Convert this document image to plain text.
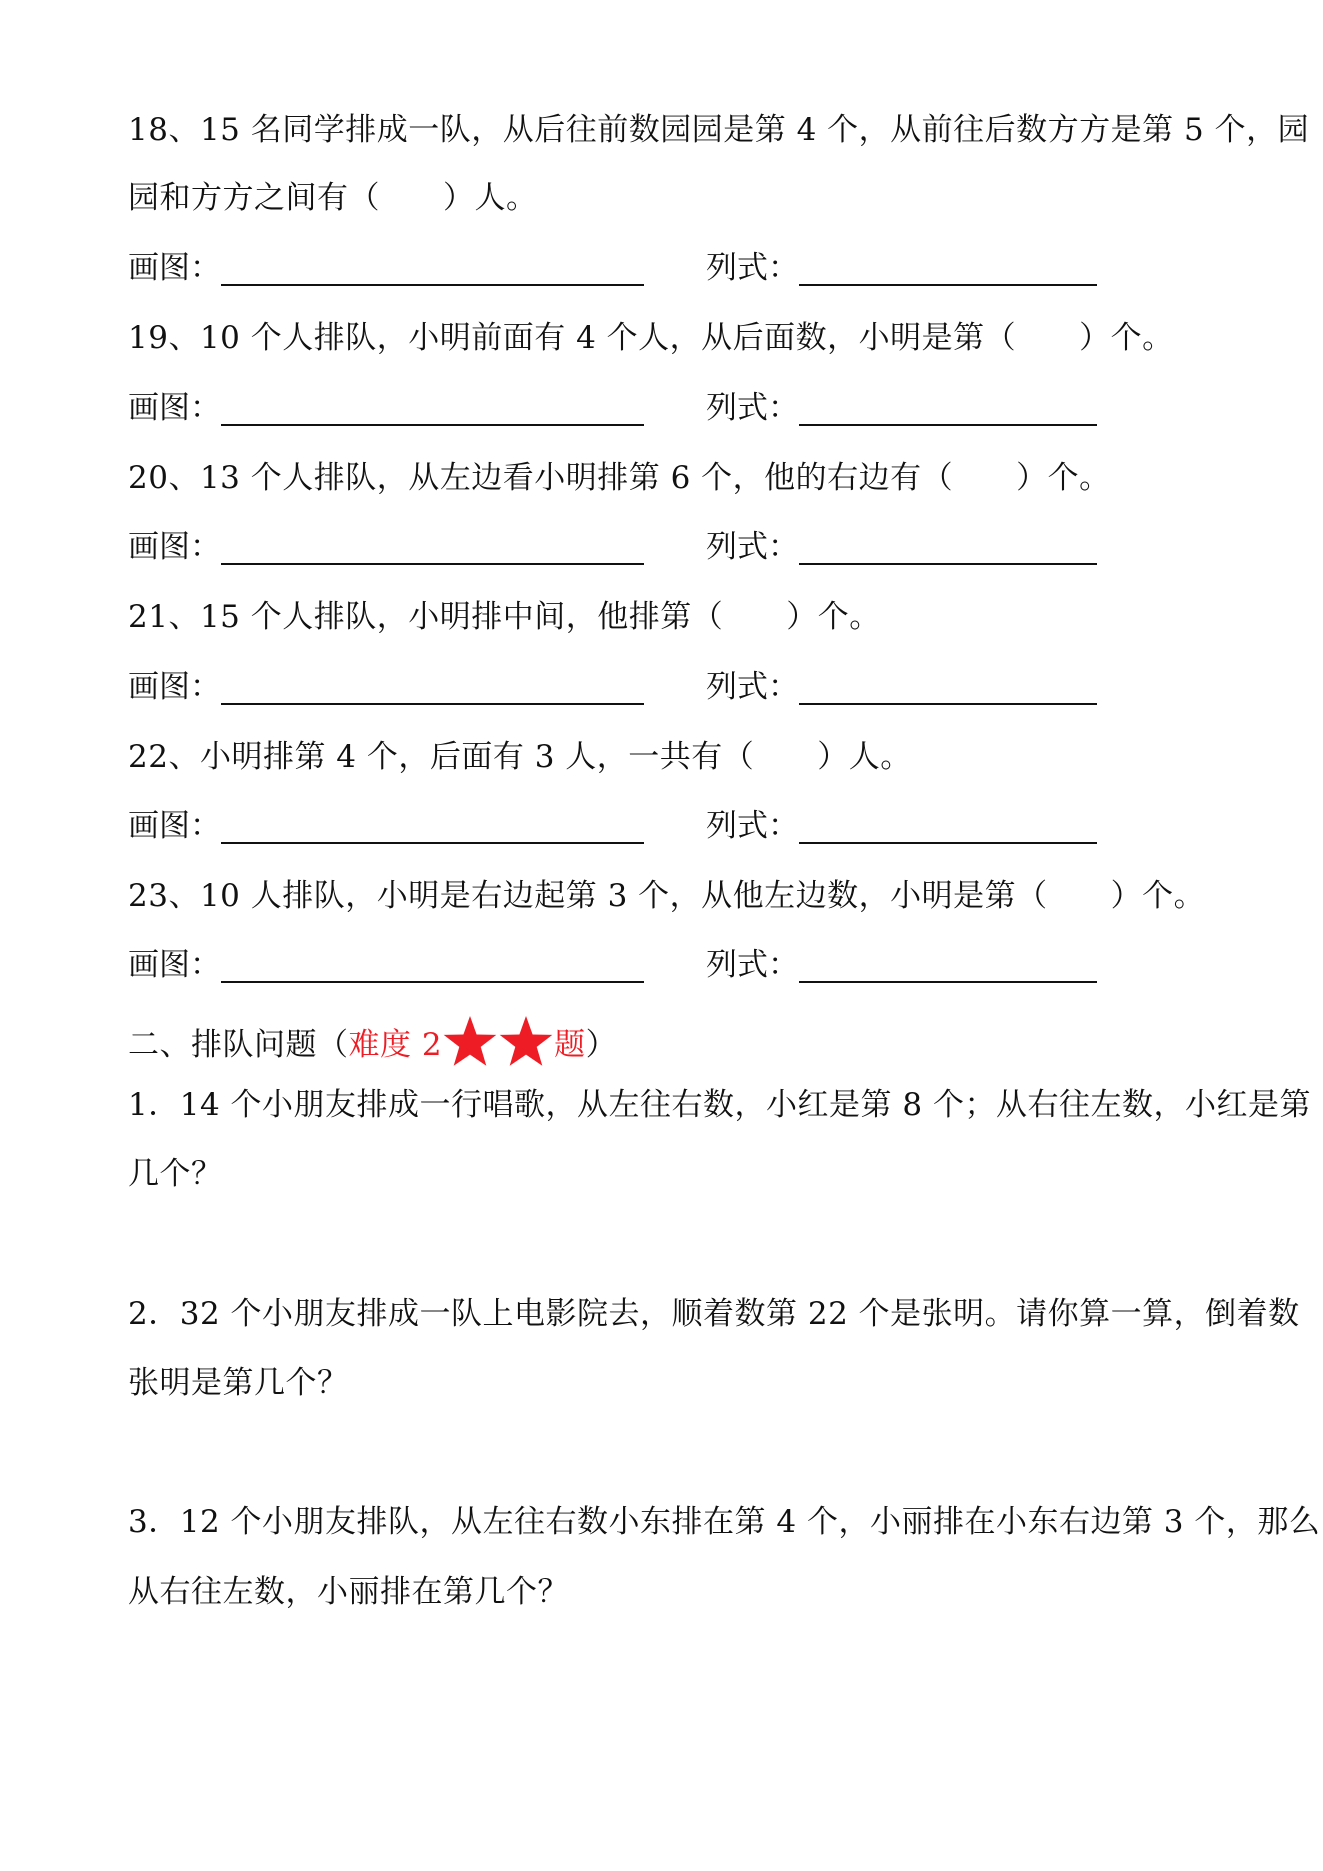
18、15 名同学排成一队，从后往前数园园是第 4 个，从前往后数方方是第 5 个，园
园和方方之间有（　　）人。
画图：	列式：
19、10 个人排队，小明前面有 4 个人，从后面数，小明是第（　　）个。
画图：	列式：
20、13 个人排队，从左边看小明排第 6 个，他的右边有（　　）个。
画图：	列式：
21、15 个人排队，小明排中间，他排第（　　）个。
画图：	列式：
22、小明排第 4 个，后面有 3 人，一共有（　　）人。
画图：	列式：
23、10 人排队，小明是右边起第 3 个，从他左边数，小明是第（　　）个。
画图：	列式：
二、排队问题（难度 2	题）
1．14 个小朋友排成一行唱歌，从左往右数，小红是第 8 个；从右往左数，小红是第
几个？
2．32 个小朋友排成一队上电影院去，顺着数第 22 个是张明。请你算一算，倒着数
张明是第几个？
3．12 个小朋友排队，从左往右数小东排在第 4 个，小丽排在小东右边第 3 个，那么
从右往左数，小丽排在第几个？
